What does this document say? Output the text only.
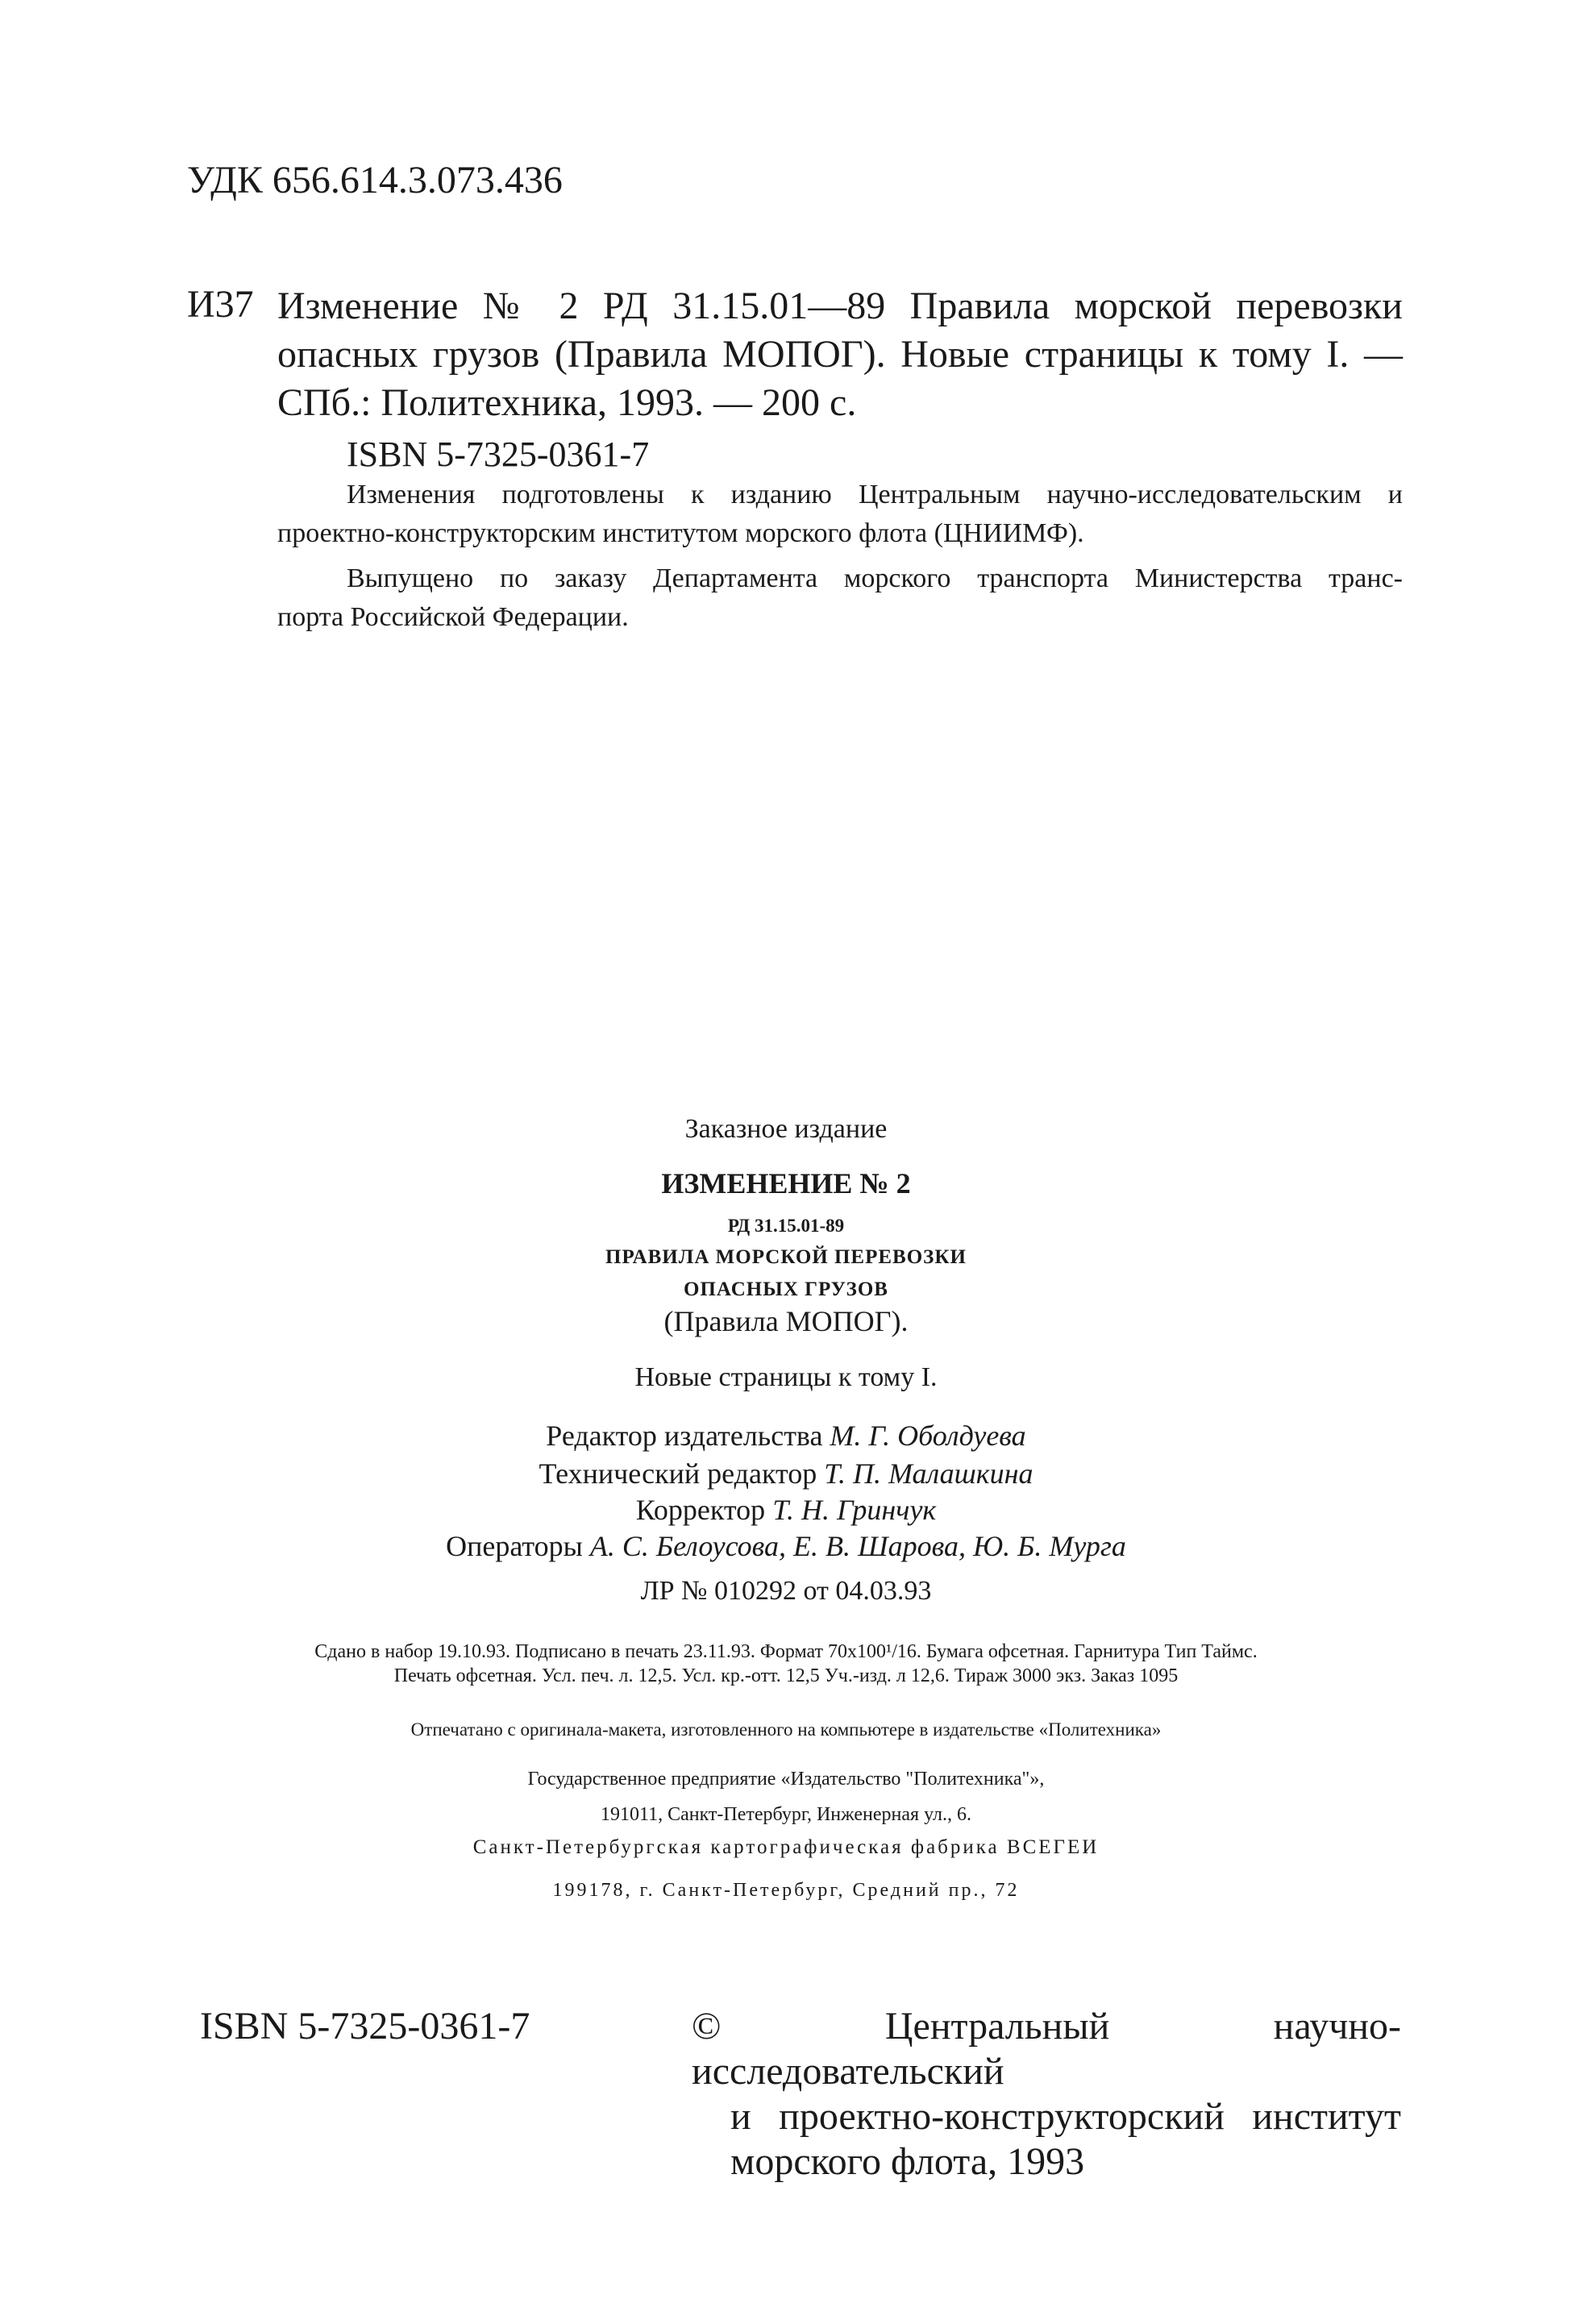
УДК 656.614.3.073.436

И37 Изменение № 2 РД 31.15.01—89 Правила морской перевозки

опасных грузов (Правила МОПОГ). Новые страницы к тому I. —

СПб.: Политехника, 1993. — 200 с.

ISBN 5-7325-0361-7

Изменения подготовлены к изданию Центральным научно-исследовательским и
проектно-конструкторским институтом морского флота (ЦНИИМФ).
Выпущено по заказу Департамента морского транспорта Министерства транс-
порта Российской Федерации.

Заказное издание

ИЗМЕНЕНИЕ № 2

РД 31.15.01-89

ПРАВИЛА МОРСКОЙ ПЕРЕВОЗКИ

ОПАСНЫХ ГРУЗОВ

(Правила МОПОГ).

Новые страницы к тому I.

Редактор издательства М. Г. Оболдуева

Технический редактор Т. П. Малашкина

Корректор Т. Н. Гринчук

Операторы А. С. Белоусова, Е. В. Шарова, Ю. Б. Мурга

ЛР № 010292 от 04.03.93

Сдано в набор 19.10.93. Подписано в печать 23.11.93. Формат 70x100¹/16. Бумага офсетная. Гарнитура Тип Таймс.

Печать офсетная. Усл. печ. л. 12,5. Усл. кр.-отт. 12,5 Уч.-изд. л 12,6. Тираж 3000 экз. Заказ 1095

Отпечатано с оригинала-макета, изготовленного на компьютере в издательстве «Политехника»

Государственное предприятие «Издательство "Политехника"»,

191011, Санкт-Петербург, Инженерная ул., 6.

Санкт-Петербургская картографическая фабрика ВСЕГЕИ

199178, г. Санкт-Петербург, Средний пр., 72

ISBN 5-7325-0361-7	© Центральный научно-исследовательский
и проектно-конструкторский институт
морского флота, 1993
